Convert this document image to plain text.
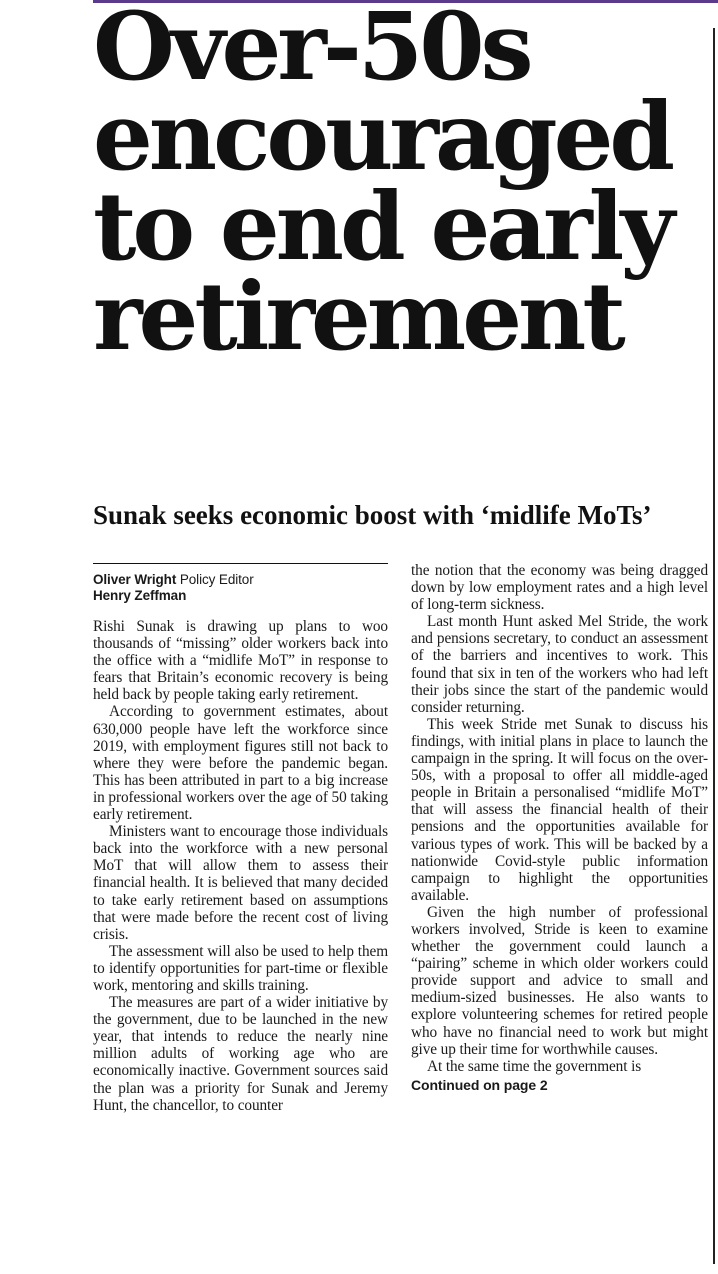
Over-50s
encouraged
to end early
retirement
Sunak seeks economic boost with ‘midlife MoTs’
Oliver Wright Policy Editor
Henry Zeffman

Rishi Sunak is drawing up plans to woo thousands of “missing” older workers back into the office with a “midlife MoT” in response to fears that Britain’s economic recovery is being held back by people taking early retirement.

According to government estimates, about 630,000 people have left the workforce since 2019, with employment figures still not back to where they were before the pandemic began. This has been attributed in part to a big increase in professional workers over the age of 50 taking early retirement.

Ministers want to encourage those individuals back into the workforce with a new personal MoT that will allow them to assess their financial health. It is believed that many decided to take early retirement based on assumptions that were made before the recent cost of living crisis.

The assessment will also be used to help them to identify opportunities for part-time or flexible work, mentoring and skills training.

The measures are part of a wider initiative by the government, due to be launched in the new year, that intends to reduce the nearly nine million adults of working age who are economically inactive. Government sources said the plan was a priority for Sunak and Jeremy Hunt, the chancellor, to counter

the notion that the economy was being dragged down by low employment rates and a high level of long-term sickness.

Last month Hunt asked Mel Stride, the work and pensions secretary, to conduct an assessment of the barriers and incentives to work. This found that six in ten of the workers who had left their jobs since the start of the pandemic would consider returning.

This week Stride met Sunak to discuss his findings, with initial plans in place to launch the campaign in the spring. It will focus on the over-50s, with a proposal to offer all middle-aged people in Britain a personalised “midlife MoT” that will assess the financial health of their pensions and the opportunities available for various types of work. This will be backed by a nationwide Covid-style public information campaign to highlight the opportunities available.

Given the high number of professional workers involved, Stride is keen to examine whether the government could launch a “pairing” scheme in which older workers could provide support and advice to small and medium-sized businesses. He also wants to explore volunteering schemes for retired people who have no financial need to work but might give up their time for worthwhile causes.

At the same time the government is

Continued on page 2
